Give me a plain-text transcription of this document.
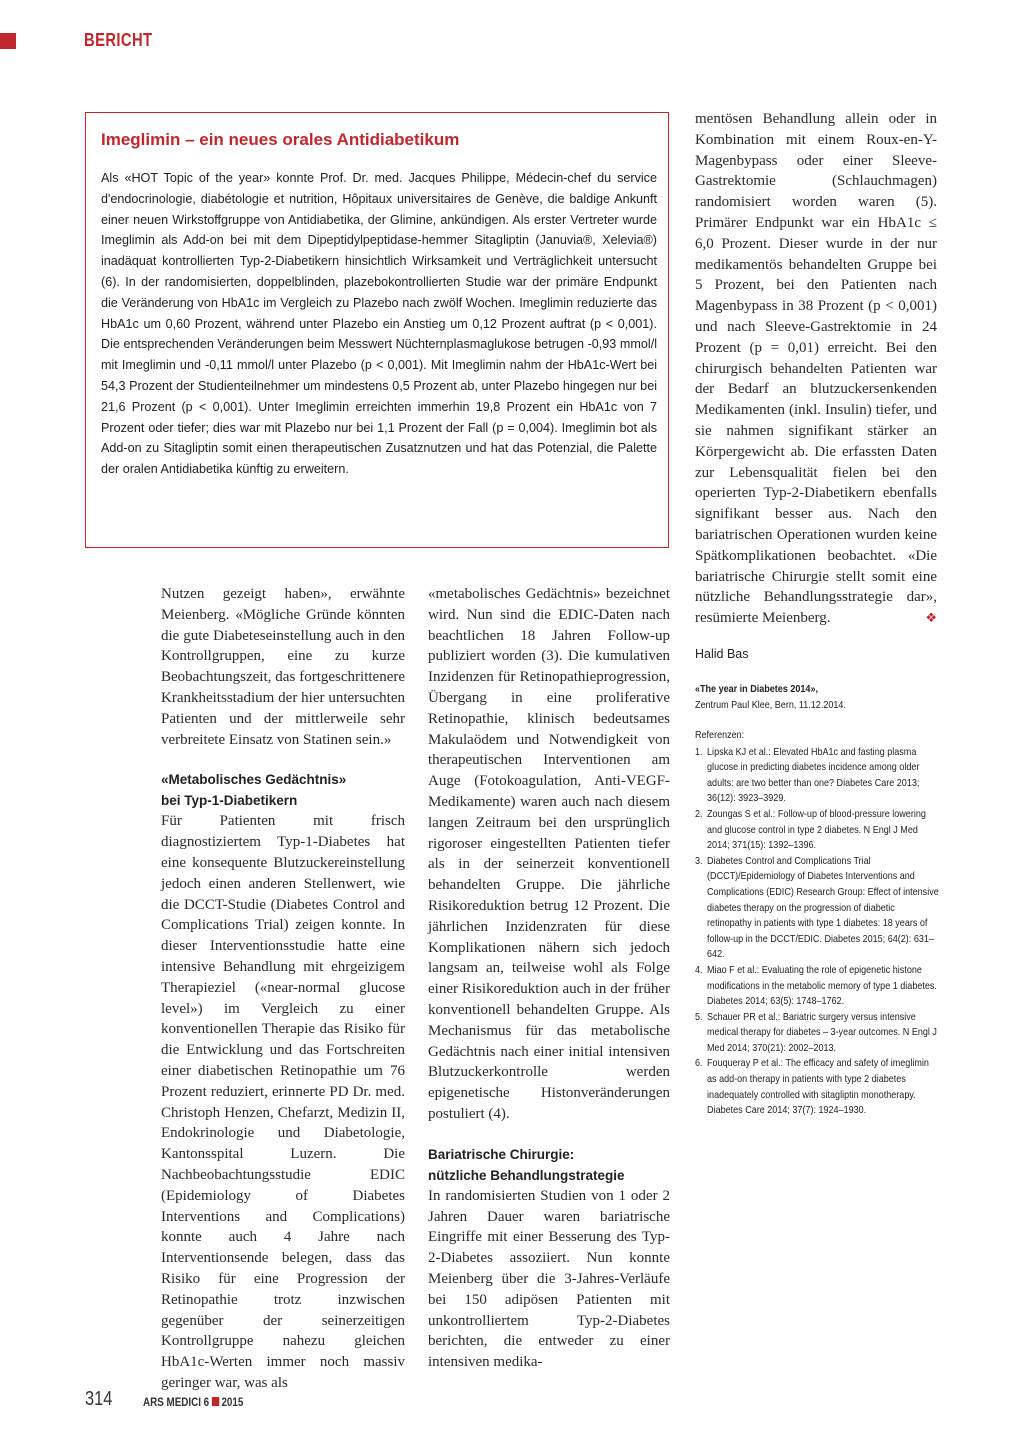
BERICHT
Imeglimin – ein neues orales Antidiabetikum
Als «HOT Topic of the year» konnte Prof. Dr. med. Jacques Philippe, Médecin-chef du service d'endocrinologie, diabétologie et nutrition, Hôpitaux universitaires de Genève, die baldige Ankunft einer neuen Wirkstoffgruppe von Antidiabetika, der Glimine, ankündigen. Als erster Vertreter wurde Imeglimin als Add-on bei mit dem Dipeptidylpeptidase-hemmer Sitagliptin (Januvia®, Xelevia®) inadäquat kontrollierten Typ-2-Diabetikern hinsichtlich Wirksamkeit und Verträglichkeit untersucht (6). In der randomisierten, doppelblinden, plazebokontrollierten Studie war der primäre Endpunkt die Veränderung von HbA1c im Vergleich zu Plazebo nach zwölf Wochen. Imeglimin reduzierte das HbA1c um 0,60 Prozent, während unter Plazebo ein Anstieg um 0,12 Prozent auftrat (p < 0,001). Die entsprechenden Veränderungen beim Messwert Nüchternplasmaglukose betrugen -0,93 mmol/l mit Imeglimin und -0,11 mmol/l unter Plazebo (p < 0,001). Mit Imeglimin nahm der HbA1c-Wert bei 54,3 Prozent der Studienteilnehmer um mindestens 0,5 Prozent ab, unter Plazebo hingegen nur bei 21,6 Prozent (p < 0,001). Unter Imeglimin erreichten immerhin 19,8 Prozent ein HbA1c von 7 Prozent oder tiefer; dies war mit Plazebo nur bei 1,1 Prozent der Fall (p = 0,004). Imeglimin bot als Add-on zu Sitagliptin somit einen therapeutischen Zusatznutzen und hat das Potenzial, die Palette der oralen Antidiabetika künftig zu erweitern.

Nutzen gezeigt haben», erwähnte Meienberg. «Mögliche Gründe könnten die gute Diabeteseinstellung auch in den Kontrollgruppen, eine zu kurze Beobachtungszeit, das fortgeschrittenere Krankheitsstadium der hier untersuchten Patienten und der mittlerweile sehr verbreitete Einsatz von Statinen sein.»

«Metabolisches Gedächtnis»
bei Typ-1-Diabetikern

Für Patienten mit frisch diagnostiziertem Typ-1-Diabetes hat eine konsequente Blutzuckereinstellung jedoch einen anderen Stellenwert, wie die DCCT-Studie (Diabetes Control and Complications Trial) zeigen konnte. In dieser Interventionsstudie hatte eine intensive Behandlung mit ehrgeizigem Therapieziel («near-normal glucose level») im Vergleich zu einer konventionellen Therapie das Risiko für die Entwicklung und das Fortschreiten einer diabetischen Retinopathie um 76 Prozent reduziert, erinnerte PD Dr. med. Christoph Henzen, Chefarzt, Medizin II, Endokrinologie und Diabetologie, Kantonsspital Luzern. Die Nachbeobachtungsstudie EDIC (Epidemiology of Diabetes Interventions and Complications) konnte auch 4 Jahre nach Interventionsende belegen, dass das Risiko für eine Progression der Retinopathie trotz inzwischen gegenüber der seinerzeitigen Kontrollgruppe nahezu gleichen HbA1c-Werten immer noch massiv geringer war, was als

«metabolisches Gedächtnis» bezeichnet wird. Nun sind die EDIC-Daten nach beachtlichen 18 Jahren Follow-up publiziert worden (3). Die kumulativen Inzidenzen für Retinopathieprogression, Übergang in eine proliferative Retinopathie, klinisch bedeutsames Makulaödem und Notwendigkeit von therapeutischen Interventionen am Auge (Fotokoagulation, Anti-VEGF-Medikamente) waren auch nach diesem langen Zeitraum bei den ursprünglich rigoroser eingestellten Patienten tiefer als in der seinerzeit konventionell behandelten Gruppe. Die jährliche Risikoreduktion betrug 12 Prozent. Die jährlichen Inzidenzraten für diese Komplikationen nähern sich jedoch langsam an, teilweise wohl als Folge einer Risikoreduktion auch in der früher konventionell behandelten Gruppe. Als Mechanismus für das metabolische Gedächtnis nach einer initial intensiven Blutzuckerkontrolle werden epigenetische Histonveränderungen postuliert (4).

Bariatrische Chirurgie:
nützliche Behandlungstrategie

In randomisierten Studien von 1 oder 2 Jahren Dauer waren bariatrische Eingriffe mit einer Besserung des Typ-2-Diabetes assoziiert. Nun konnte Meienberg über die 3-Jahres-Verläufe bei 150 adipösen Patienten mit unkontrolliertem Typ-2-Diabetes berichten, die entweder zu einer intensiven medika-

mentösen Behandlung allein oder in Kombination mit einem Roux-en-Y-Magenbypass oder einer Sleeve-Gastrektomie (Schlauchmagen) randomisiert worden waren (5). Primärer Endpunkt war ein HbA1c ≤ 6,0 Prozent. Dieser wurde in der nur medikamentös behandelten Gruppe bei 5 Prozent, bei den Patienten nach Magenbypass in 38 Prozent (p < 0,001) und nach Sleeve-Gastrektomie in 24 Prozent (p = 0,01) erreicht. Bei den chirurgisch behandelten Patienten war der Bedarf an blutzuckersenkenden Medikamenten (inkl. Insulin) tiefer, und sie nahmen signifikant stärker an Körpergewicht ab. Die erfassten Daten zur Lebensqualität fielen bei den operierten Typ-2-Diabetikern ebenfalls signifikant besser aus. Nach den bariatrischen Operationen wurden keine Spätkomplikationen beobachtet. «Die bariatrische Chirurgie stellt somit eine nützliche Behandlungsstrategie dar», resümierte Meienberg.	❖

Halid Bas
«The year in Diabetes 2014»,
Zentrum Paul Klee, Bern, 11.12.2014.
Referenzen:
1. Lipska KJ et al.: Elevated HbA1c and fasting plasma glucose in predicting diabetes incidence among older adults: are two better than one? Diabetes Care 2013; 36(12): 3923–3929.
2. Zoungas S et al.: Follow-up of blood-pressure lowering and glucose control in type 2 diabetes. N Engl J Med 2014; 371(15): 1392–1396.
3. Diabetes Control and Complications Trial (DCCT)/Epidemiology of Diabetes Interventions and Complications (EDIC) Research Group: Effect of intensive diabetes therapy on the progression of diabetic retinopathy in patients with type 1 diabetes: 18 years of follow-up in the DCCT/EDIC. Diabetes 2015; 64(2): 631–642.
4. Miao F et al.: Evaluating the role of epigenetic histone modifications in the metabolic memory of type 1 diabetes. Diabetes 2014; 63(5): 1748–1762.
5. Schauer PR et al.: Bariatric surgery versus intensive medical therapy for diabetes – 3-year outcomes. N Engl J Med 2014; 370(21): 2002–2013.
6. Fouqueray P et al.: The efficacy and safety of imeglimin as add-on therapy in patients with type 2 diabetes inadequately controlled with sitagliptin monotherapy. Diabetes Care 2014; 37(7): 1924–1930.
314	ARS MEDICI 6 2015
